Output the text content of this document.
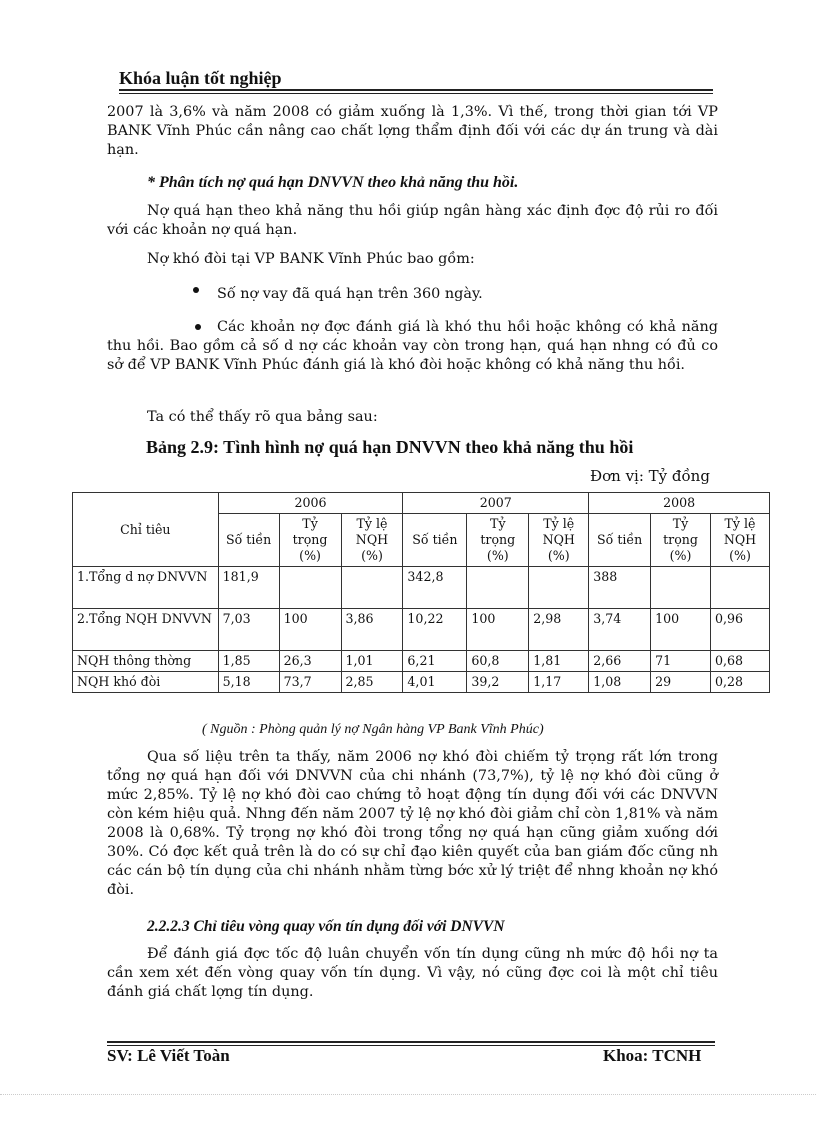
Khóa luận tốt nghiệp

2007 là 3,6% và năm 2008 có giảm xuống là 1,3%. Vì thế, trong thời gian tới VP BANK Vĩnh Phúc cần nâng cao chất lợng thẩm định đối với các dự án trung và dài hạn.

* Phân tích nợ quá hạn DNVVN theo khả năng thu hồi.

Nợ quá hạn theo khả năng thu hồi giúp ngân hàng xác định đợc độ rủi ro đối với các khoản nợ quá hạn.

Nợ khó đòi tại VP BANK Vĩnh Phúc bao gồm:

Số nợ vay đã quá hạn trên 360 ngày.

Các khoản nợ đợc đánh giá là khó thu hồi hoặc không có khả năng thu hồi. Bao gồm cả số d nợ các khoản vay còn trong hạn, quá hạn nhng có đủ co sở để VP BANK Vĩnh Phúc đánh giá là khó đòi hoặc không có khả năng thu hồi.

Ta có thể thấy rõ qua bảng sau:

Bảng 2.9: Tình hình nợ quá hạn DNVVN theo khả năng thu hồi
Đơn vị: Tỷ đồng
Chỉ tiêu	2006			2007			2008		
	Số tiền	Tỷ trọng (%)	Tỷ lệ NQH (%)	Số tiền	Tỷ trọng (%)	Tỷ lệ NQH (%)	Số tiền	Tỷ trọng (%)	Tỷ lệ NQH (%)
1.Tổng d nợ DNVVN	181,9			342,8			388		
2.Tổng NQH DNVVN	7,03	100	3,86	10,22	100	2,98	3,74	100	0,96
NQH thông thờng	1,85	26,3	1,01	6,21	60,8	1,81	2,66	71	0,68
NQH khó đòi	5,18	73,7	2,85	4,01	39,2	1,17	1,08	29	0,28
( Nguồn : Phòng quản lý nợ Ngân hàng VP Bank Vĩnh Phúc)

Qua số liệu trên ta thấy, năm 2006 nợ khó đòi chiếm tỷ trọng rất lớn trong tổng nợ quá hạn đối với DNVVN của chi nhánh (73,7%), tỷ lệ nợ khó đòi cũng ở mức 2,85%. Tỷ lệ nợ khó đòi cao chứng tỏ hoạt động tín dụng đối với các DNVVN còn kém hiệu quả. Nhng đến năm 2007 tỷ lệ nợ khó đòi giảm chỉ còn 1,81% và năm 2008 là 0,68%. Tỷ trọng nợ khó đòi trong tổng nợ quá hạn cũng giảm xuống dới 30%. Có đợc kết quả trên là do có sự chỉ đạo kiên quyết của ban giám đốc cũng nh các cán bộ tín dụng của chi nhánh nhằm từng bớc xử lý triệt để nhng khoản nợ khó đòi.

2.2.2.3 Chỉ tiêu vòng quay vốn tín dụng đối với DNVVN

Để đánh giá đợc tốc độ luân chuyển vốn tín dụng cũng nh mức độ hồi nợ ta cần xem xét đến vòng quay vốn tín dụng. Vì vậy, nó cũng đợc coi là một chỉ tiêu đánh giá chất lợng tín dụng.

SV: Lê Viết Toàn	Khoa: TCNH
